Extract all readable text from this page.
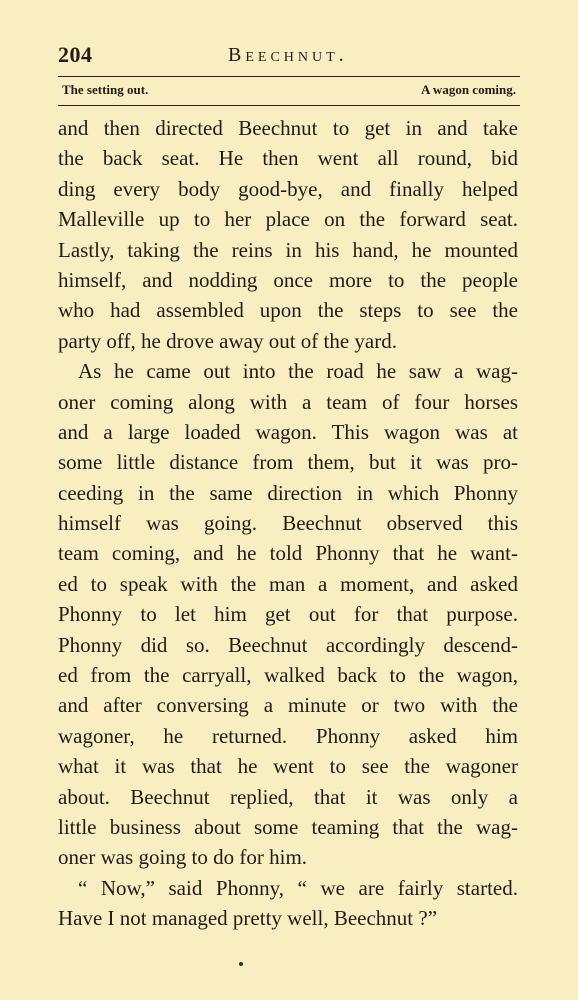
204	Beechnut.
The setting out.	A wagon coming.
and then directed Beechnut to get in and take
the back seat. He then went all round, bid
ding every body good-bye, and finally helped
Malleville up to her place on the forward seat.
Lastly, taking the reins in his hand, he mounted
himself, and nodding once more to the people
who had assembled upon the steps to see the
party off, he drove away out of the yard.
As he came out into the road he saw a wag-
oner coming along with a team of four horses
and a large loaded wagon. This wagon was at
some little distance from them, but it was pro-
ceeding in the same direction in which Phonny
himself was going. Beechnut observed this
team coming, and he told Phonny that he want-
ed to speak with the man a moment, and asked
Phonny to let him get out for that purpose.
Phonny did so. Beechnut accordingly descend-
ed from the carryall, walked back to the wagon,
and after conversing a minute or two with the
wagoner, he returned. Phonny asked him
what it was that he went to see the wagoner
about. Beechnut replied, that it was only a
little business about some teaming that the wag-
oner was going to do for him.
“ Now,” said Phonny, “ we are fairly started.
Have I not managed pretty well, Beechnut ?”
